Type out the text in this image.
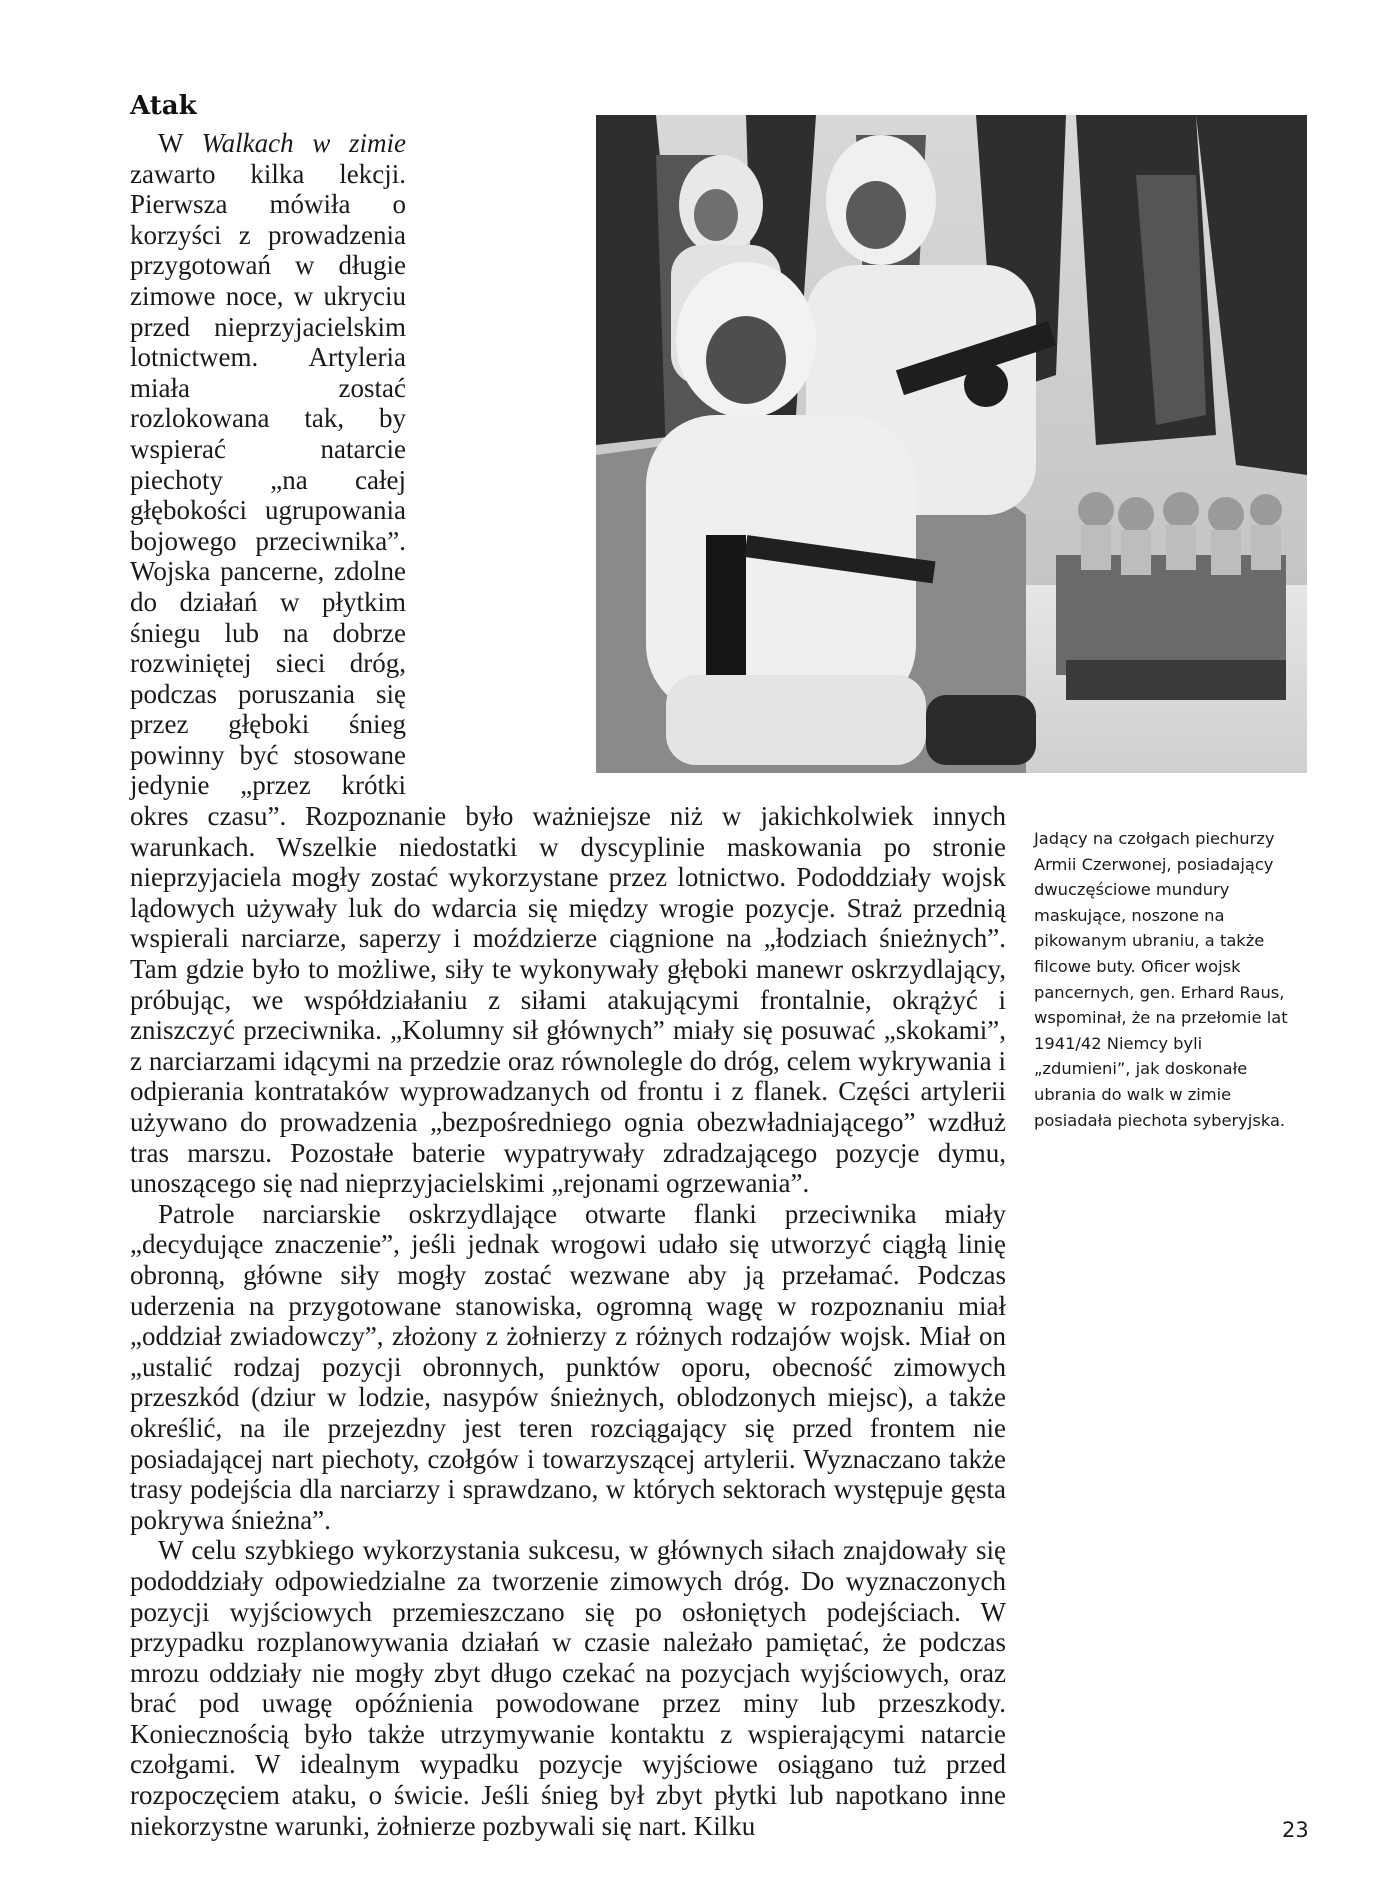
Atak

W Walkach w zimie zawarto kilka lekcji. Pierwsza mówiła o korzyści z prowadzenia przygotowań w długie zimowe noce, w ukryciu przed nieprzyjacielskim lotnictwem. Artyleria miała zostać rozlokowana tak, by wspierać natarcie piechoty „na całej głębokości ugrupowania bojowego przeciwnika”. Wojska pancerne, zdolne do działań w płytkim śniegu lub na dobrze rozwiniętej sieci dróg, podczas poruszania się przez głęboki śnieg powinny być stosowane jedynie „przez krótki okres czasu”. Rozpoznanie było ważniejsze niż w jakichkolwiek innych warunkach. Wszelkie niedostatki w dyscyplinie maskowania po stronie nieprzyjaciela mogły zostać wykorzystane przez lotnictwo. Pododdziały wojsk lądowych używały luk do wdarcia się między wrogie pozycje. Straż przednią wspierali narciarze, saperzy i moździerze ciągnione na „łodziach śnieżnych”. Tam gdzie było to możliwe, siły te wykonywały głęboki manewr oskrzydlający, próbując, we współdziałaniu z siłami atakującymi frontalnie, okrążyć i zniszczyć przeciwnika. „Kolumny sił głównych” miały się posuwać „skokami”, z narciarzami idącymi na przedzie oraz równolegle do dróg, celem wykrywania i odpierania kontrataków wyprowadzanych od frontu i z flanek. Części artylerii używano do prowadzenia „bezpośredniego ognia obezwładniającego” wzdłuż tras marszu. Pozostałe baterie wypatrywały zdradzającego pozycje dymu, unoszącego się nad nieprzyjacielskimi „rejonami ogrzewania”.

Patrole narciarskie oskrzydlające otwarte flanki przeciwnika miały „decydujące znaczenie”, jeśli jednak wrogowi udało się utworzyć ciągłą linię obronną, główne siły mogły zostać wezwane aby ją przełamać. Podczas uderzenia na przygotowane stanowiska, ogromną wagę w rozpoznaniu miał „oddział zwiadowczy”, złożony z żołnierzy z różnych rodzajów wojsk. Miał on „ustalić rodzaj pozycji obronnych, punktów oporu, obecność zimowych przeszkód (dziur w lodzie, nasypów śnieżnych, oblodzonych miejsc), a także określić, na ile przejezdny jest teren rozciągający się przed frontem nie posiadającej nart piechoty, czołgów i towarzyszącej artylerii. Wyznaczano także trasy podejścia dla narciarzy i sprawdzano, w których sektorach występuje gęsta pokrywa śnieżna”.

W celu szybkiego wykorzystania sukcesu, w głównych siłach znajdowały się pododdziały odpowiedzialne za tworzenie zimowych dróg. Do wyznaczonych pozycji wyjściowych przemieszczano się po osłoniętych podejściach. W przypadku rozplanowywania działań w czasie należało pamiętać, że podczas mrozu oddziały nie mogły zbyt długo czekać na pozycjach wyjściowych, oraz brać pod uwagę opóźnienia powodowane przez miny lub przeszkody. Koniecznością było także utrzymywanie kontaktu z wspierającymi natarcie czołgami. W idealnym wypadku pozycje wyjściowe osiągano tuż przed rozpoczęciem ataku, o świcie. Jeśli śnieg był zbyt płytki lub napotkano inne niekorzystne warunki, żołnierze pozbywali się nart. Kilku

Jadący na czołgach piechurzy Armii Czerwonej, posiadający dwuczęściowe mundury maskujące, noszone na pikowanym ubraniu, a także filcowe buty. Oficer wojsk pancernych, gen. Erhard Raus, wspominał, że na przełomie lat 1941/42 Niemcy byli „zdumieni”, jak doskonałe ubrania do walk w zimie posiadała piechota syberyjska.
23
